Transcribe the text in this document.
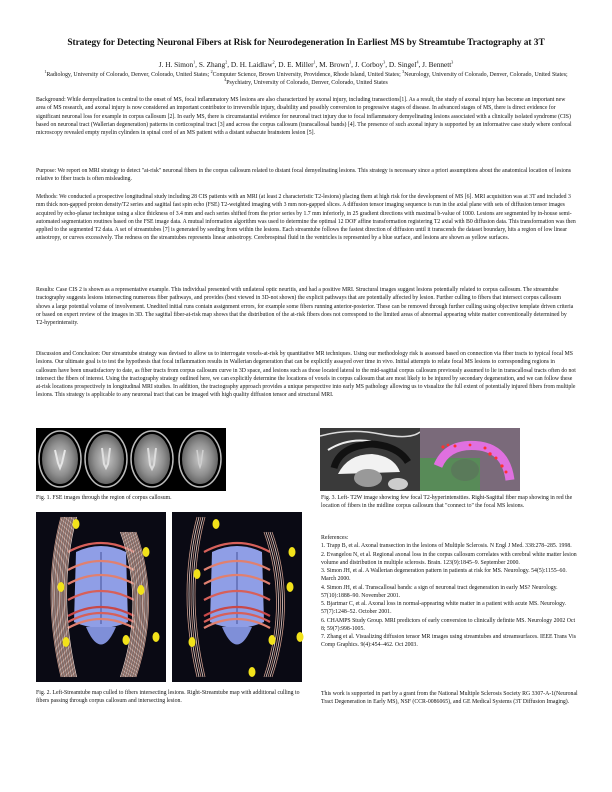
Strategy for Detecting Neuronal Fibers at Risk for Neurodegeneration In Earliest MS by Streamtube Tractography at 3T
J. H. Simon$^1$, S. Zhang$^2$, D. H. Laidlaw$^2$, D. E. Miller$^1$, M. Brown$^1$, J. Corboy$^3$, D. Singel$^4$, J. Bennett$^3$
$^1$Radiology, University of Colorado, Denver, Colorado, United States; $^2$Computer Science, Brown University, Providence, Rhode Island, United States; $^3$Neurology, University of Colorado, Denver, Colorado, United States; $^4$Psychiatry, University of Colorado, Denver, Colorado, United States
Background: While demyelination is central to the onset of MS, focal inflammatory MS lesions are also characterized by axonal injury, including transections[1]. As a result, the study of axonal injury has become an important new area of MS research, and axonal injury is now considered an important contributor to irreversible injury, disability and possibly conversion to progressive stages of disease. In advanced stages of MS, there is direct evidence for significant neuronal loss for example in corpus callosum [2]. In early MS, there is circumstantial evidence for neuronal tract injury due to focal inflammatory demyelinating lesions associated with a clinically isolated syndrome (CIS) based on neuronal tract (Wallerian degeneration) patterns in corticospinal tract [3] and across the corpus callosum (transcallosal bands) [4]. The presence of such axonal injury is supported by an informative case study where confocal microscopy revealed empty myelin cylinders in spinal cord of an MS patient with a distant subacute brainstem lesion [5].
Purpose: We report on MRI strategy to detect "at-risk" neuronal fibers in the corpus callosum related to distant focal demyelinating lesions. This strategy is necessary since a priori assumptions about the anatomical location of lesions relative to fiber tracts is often misleading.
Methods: We conducted a prospective longitudinal study including 28 CIS patients with an MRI (at least 2 characteristic T2-lesions) placing them at high risk for the development of MS [6]. MRI acquisition was at 3T and included 3 mm thick non-gapped proton density/T2 series and sagittal fast spin echo (FSE) T2-weighted imaging with 3 mm non-gapped slices. A diffusion tensor imaging sequence is run in the axial plane with sets of diffusion tensor images acquired by echo-planar technique using a slice thickness of 3.4 mm and each series shifted from the prior series by 1.7 mm inferiorly, in 25 gradient directions with maximal b-value of 1000. Lesions are segmented by in-house semi-automated segmentation routines based on the FSE image data. A mutual information algorithm was used to determine the optimal 12 DOF affine transformation registering T2 axial with B0 diffusion data. This transformation was then applied to the segmented T2 data. A set of streamtubes [7] is generated by seeding from within the lesions. Each streamtube follows the fastest direction of diffusion until it transcends the dataset boundary, hits a region of low linear anisotropy, or curves excessively. The redness on the streamtubes represents linear anisotropy. Cerebrospinal fluid in the ventricles is represented by a blue surface, and lesions are shown as yellow surfaces.
Results: Case CIS 2 is shown as a representative example. This individual presented with unilateral optic neuritis, and had a positive MRI. Structural images suggest lesions potentially related to corpus callosum. The streamtube tractography suggests lesions intersecting numerous fiber pathways, and provides (best viewed in 3D-not shown) the explicit pathways that are potentially affected by lesion. Further culling to fibers that intersect corpus callosum shows a large potential volume of involvement. Unedited initial runs contain assignment errors, for example some fibers running anterior-posterior. These can be removed through further culling using objective template driven criteria or based on expert review of the images in 3D. The sagittal fiber-at-risk map shows that the distribution of the at-risk fibers does not correspond to the limited areas of abnormal appearing white matter conventionally determined by T2-hyperintensity.
Discussion and Conclusion: Our streamtube strategy was devised to allow us to interrogate voxels-at-risk by quantitative MR techniques. Using our methodology risk is assessed based on connection via fiber tracts to typical focal MS lesions. Our ultimate goal is to test the hypothesis that focal inflammation results in Wallerian degeneration that can be explicitly assayed over time in vivo. Initial attempts to relate focal MS lesions to corresponding regions in callosum have been unsatisfactory to date, as fiber tracts from corpus callosum curve in 3D space, and lesions such as those located lateral to the mid-sagittal corpus callosum previously assumed to lie in transcallosal tracts often do not intersect the fibers of interest. Using the tractography strategy outlined here, we can explicitly determine the locations of voxels in corpus callosum that are most likely to be injured by secondary degeneration, and we can follow these at-risk locations prospectively in longitudinal MRI studies. In addition, the tractography approach provides a unique perspective into early MS pathology allowing us to visualize the full extent of potentially injured fibers from multiple lesions. This strategy is applicable to any neuronal tract that can be imaged with high quality diffusion tensor and structural MRI.
Fig. 1. FSE images through the region of corpus callosum.	Fig. 3. Left- T2W image showing few focal T2-hyperintensities. Right-Sagittal fiber map showing in red the location of fibers in the midline corpus callosum that "connect to" the focal MS lesions.
Fig. 2. Left-Streamtube map culled to fibers intersecting lesions. Right-Streamtube map with additional culling to fibers passing through corpus callosum and intersecting lesion.
References:
1. Trapp B, et al. Axonal transection in the lesions of Multiple Sclerosis. N Engl J Med. 338:278–285. 1998.
2. Evangelou N, et al. Regional axonal loss in the corpus callosum correlates with cerebral white matter lesion volume and distribution in multiple sclerosis. Brain. 123(9):1845–9. September 2000.
3. Simon JH, et al. A Wallerian degeneration pattern in patients at risk for MS. Neurology. 54(5):1155–60. March 2000.
4. Simon JH, et al. Transcallosal bands: a sign of neuronal tract degeneration in early MS? Neurology. 57(10):1888–90. November 2001.
5. Bjartmar C, et al. Axonal loss in normal-appearing white matter in a patient with acute MS. Neurology. 57(7):1248–52. October 2001.
6. CHAMPS Study Group. MRI predictors of early conversion to clinically definite MS. Neurology 2002 Oct 8; 59(7):998-1005.
7. Zhang et al. Visualizing diffusion tensor MR images using streamtubes and streamsurfaces. IEEE Trans Vis Comp Graphics. 9(4):454–462. Oct 2003.
This work is supported in part by a grant from the National Multiple Sclerosis Society RG 3307-A-1(Neuronal Tract Degeneration in Early MS), NSF (CCR-0086065), and GE Medical Systems (3T Diffusion Imaging).
